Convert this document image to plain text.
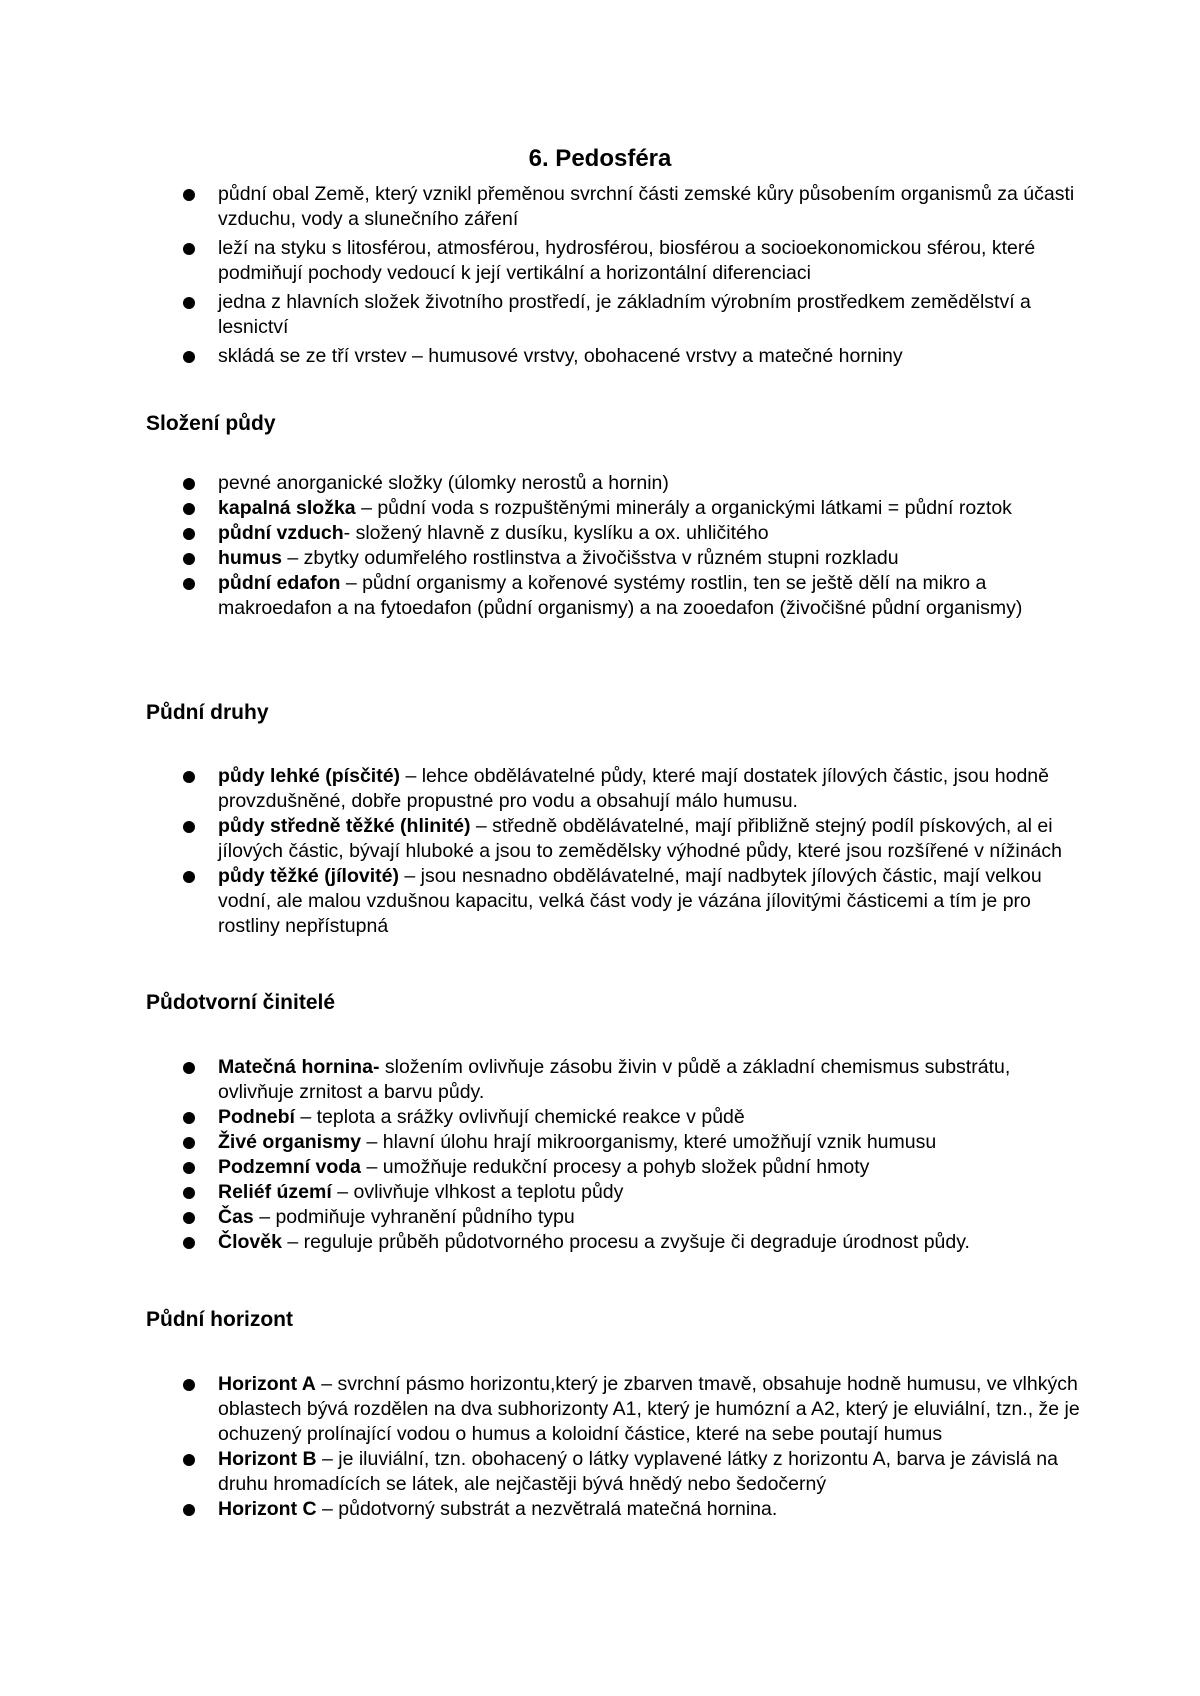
6. Pedosféra
půdní obal Země, který vznikl přeměnou svrchní části zemské kůry působením organismů za účasti vzduchu, vody a slunečního záření
leží na styku s litosférou, atmosférou, hydrosférou, biosférou a socioekonomickou sférou, které podmiňují pochody vedoucí k její vertikální a horizontální diferenciaci
jedna z hlavních složek životního prostředí, je základním výrobním prostředkem zemědělství a lesnictví
skládá se ze tří vrstev – humusové vrstvy, obohacené vrstvy a matečné horniny
Složení půdy
pevné anorganické složky (úlomky nerostů a hornin)
kapalná složka – půdní voda s rozpuštěnými minerály a organickými látkami = půdní roztok
půdní vzduch- složený hlavně z dusíku, kyslíku a ox. uhličitého
humus – zbytky odumřelého rostlinstva a živočišstva v různém stupni rozkladu
půdní edafon – půdní organismy a kořenové systémy rostlin, ten se ještě dělí na mikro a makroedafon a na fytoedafon (půdní organismy) a na zooedafon (živočišné půdní organismy)
Půdní druhy
půdy lehké (písčité) – lehce obdělávatelné půdy, které mají dostatek jílových částic, jsou hodně provzdušněné, dobře propustné pro vodu a obsahují málo humusu.
půdy středně těžké (hlinité) – středně obdělávatelné, mají přibližně stejný podíl pískových, al ei jílových částic, bývají hluboké a jsou to zemědělsky výhodné půdy, které jsou rozšířené v nížinách
půdy těžké (jílovité) – jsou nesnadno obdělávatelné, mají nadbytek jílových částic, mají velkou vodní, ale malou vzdušnou kapacitu, velká část vody je vázána jílovitými částicemi a tím je pro rostliny nepřístupná
Půdotvorní činitelé
Matečná hornina- složením ovlivňuje zásobu živin v půdě a základní chemismus substrátu, ovlivňuje zrnitost a barvu půdy.
Podnebí – teplota a srážky ovlivňují chemické reakce v půdě
Živé organismy – hlavní úlohu hrají mikroorganismy, které umožňují vznik humusu
Podzemní voda – umožňuje redukční procesy a pohyb složek půdní hmoty
Reliéf území – ovlivňuje vlhkost a teplotu půdy
Čas – podmiňuje vyhranění půdního typu
Člověk – reguluje průběh půdotvorného procesu a zvyšuje či degraduje úrodnost půdy.
Půdní horizont
Horizont A – svrchní pásmo horizontu,který je zbarven tmavě, obsahuje hodně humusu, ve vlhkých oblastech bývá rozdělen na dva subhorizonty A1, který je humózní a A2, který je eluviální, tzn., že je ochuzený prolínající vodou o humus a koloidní částice, které na sebe poutají humus
Horizont B – je iluviální, tzn. obohacený o látky vyplavené látky z horizontu A, barva je závislá na druhu hromadících se látek, ale nejčastěji bývá hnědý nebo šedočerný
Horizont C – půdotvorný substrát a nezvětralá matečná hornina.
